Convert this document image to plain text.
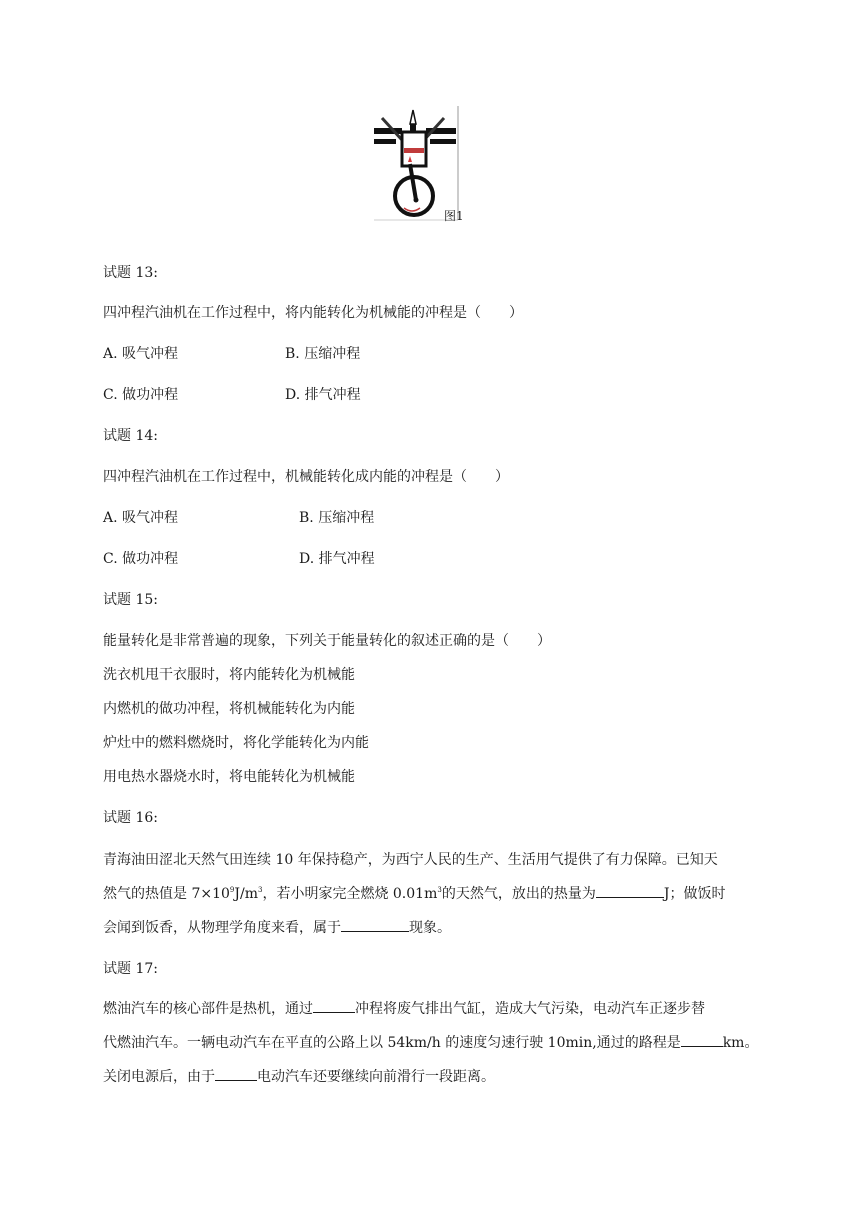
图1
试题 13:
四冲程汽油机在工作过程中，将内能转化为机械能的冲程是（　　）
A. 吸气冲程	B. 压缩冲程
C. 做功冲程	D. 排气冲程
试题 14:
四冲程汽油机在工作过程中，机械能转化成内能的冲程是（　　）
A. 吸气冲程	B. 压缩冲程
C. 做功冲程	D. 排气冲程
试题 15:
能量转化是非常普遍的现象，下列关于能量转化的叙述正确的是（　　）
洗衣机甩干衣服时，将内能转化为机械能
内燃机的做功冲程，将机械能转化为内能
炉灶中的燃料燃烧时，将化学能转化为内能
用电热水器烧水时，将电能转化为机械能
试题 16:
青海油田涩北天然气田连续 10 年保持稳产，为西宁人民的生产、生活用气提供了有力保障。已知天
然气的热值是 $7\times 10^9J/m^3$，若小明家完全燃烧 $0.01m^3$的天然气，放出的热量为	J；做饭时
会闻到饭香，从物理学角度来看，属于	现象。
试题 17:
燃油汽车的核心部件是热机，通过	冲程将废气排出气缸，造成大气污染，电动汽车正逐步替
代燃油汽车。一辆电动汽车在平直的公路上以 54km/h 的速度匀速行驶 10min,通过的路程是	km。
关闭电源后，由于	电动汽车还要继续向前滑行一段距离。
